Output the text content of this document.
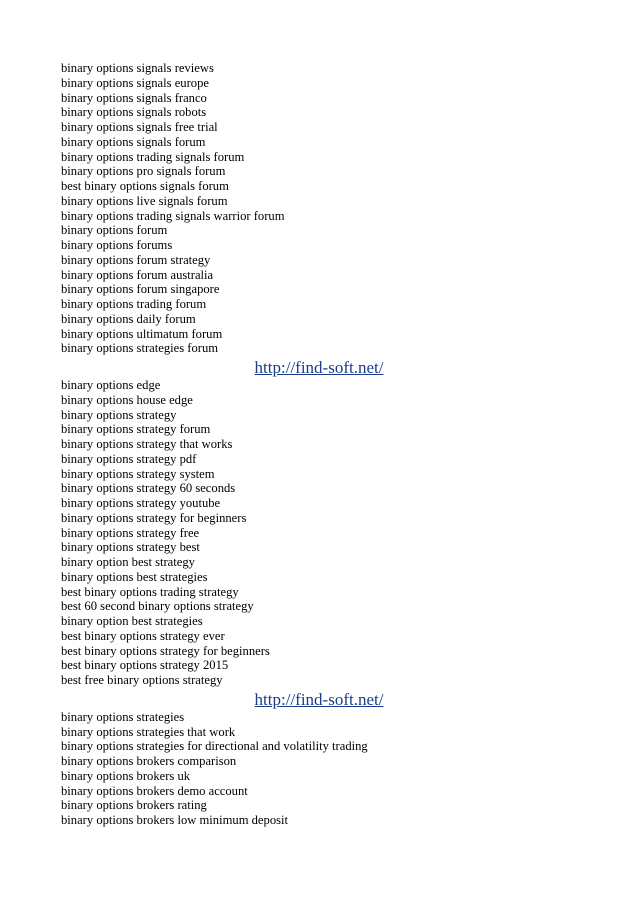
binary options signals reviews
binary options signals europe
binary options signals franco
binary options signals robots
binary options signals free trial
binary options signals forum
binary options trading signals forum
binary options pro signals forum
best binary options signals forum
binary options live signals forum
binary options trading signals warrior forum
binary options forum
binary options forums
binary options forum strategy
binary options forum australia
binary options forum singapore
binary options trading forum
binary options daily forum
binary options ultimatum forum
binary options strategies forum
http://find-soft.net/
binary options edge
binary options house edge
binary options strategy
binary options strategy forum
binary options strategy that works
binary options strategy pdf
binary options strategy system
binary options strategy 60 seconds
binary options strategy youtube
binary options strategy for beginners
binary options strategy free
binary options strategy best
binary option best strategy
binary options best strategies
best binary options trading strategy
best 60 second binary options strategy
binary option best strategies
best binary options strategy ever
best binary options strategy for beginners
best binary options strategy 2015
best free binary options strategy
http://find-soft.net/
binary options strategies
binary options strategies that work
binary options strategies for directional and volatility trading
binary options brokers comparison
binary options brokers uk
binary options brokers demo account
binary options brokers rating
binary options brokers low minimum deposit
